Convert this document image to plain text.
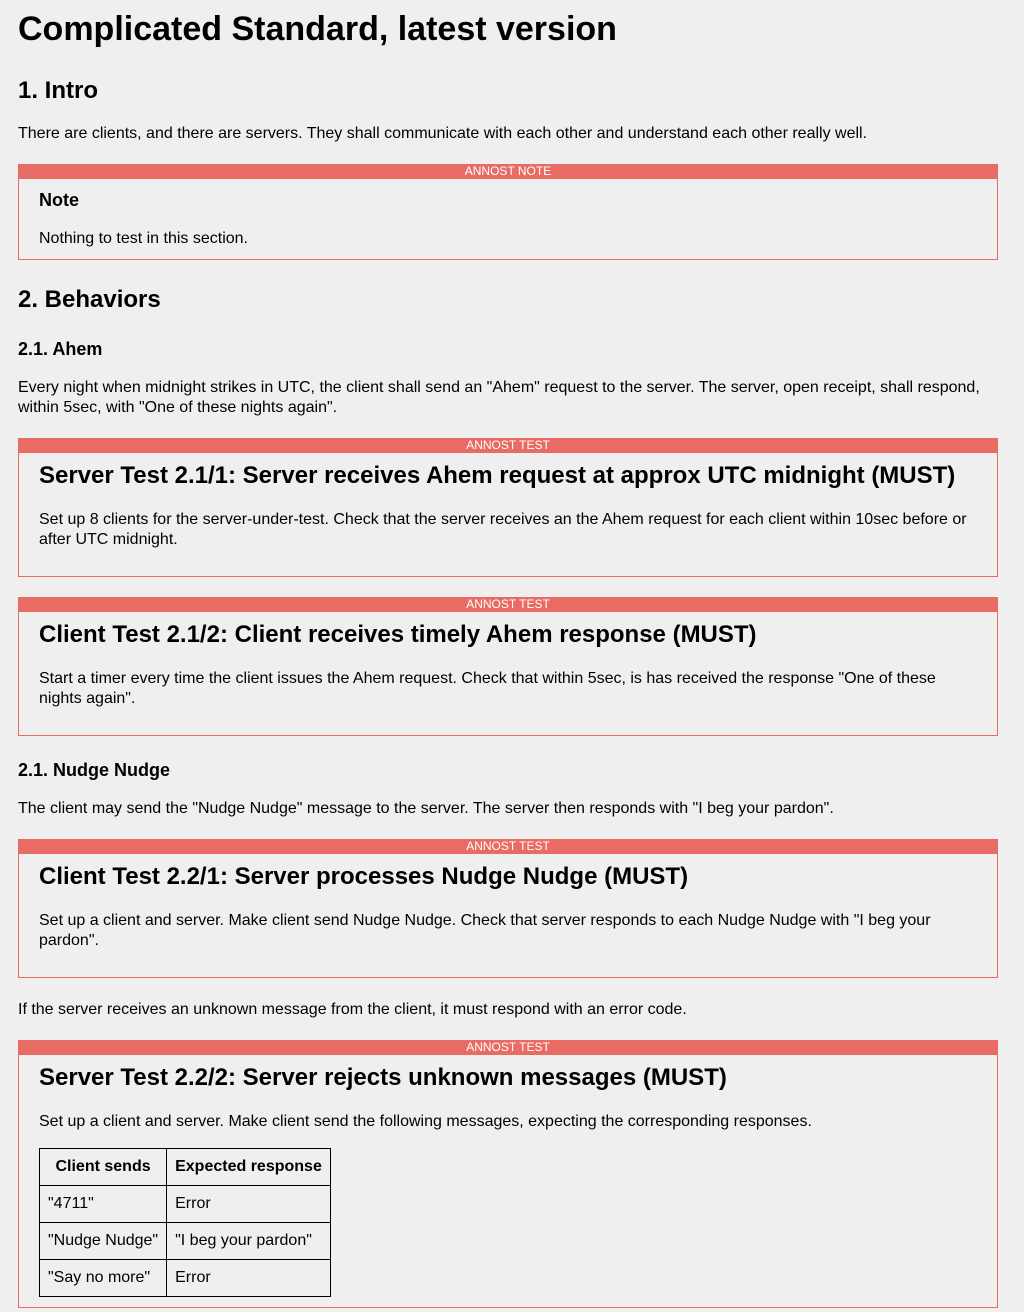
Complicated Standard, latest version
1. Intro

There are clients, and there are servers. They shall communicate with each other and understand each other really well.

ANNOST NOTE
Note

Nothing to test in this section.

2. Behaviors
2.1. Ahem

Every night when midnight strikes in UTC, the client shall send an "Ahem" request to the server. The server, open receipt, shall respond, within 5sec, with "One of these nights again".

ANNOST TEST
Server Test 2.1/1: Server receives Ahem request at approx UTC midnight (MUST)

Set up 8 clients for the server-under-test. Check that the server receives an the Ahem request for each client within 10sec before or after UTC midnight.

ANNOST TEST
Client Test 2.1/2: Client receives timely Ahem response (MUST)

Start a timer every time the client issues the Ahem request. Check that within 5sec, is has received the response "One of these nights again".

2.1. Nudge Nudge

The client may send the "Nudge Nudge" message to the server. The server then responds with "I beg your pardon".

ANNOST TEST
Client Test 2.2/1: Server processes Nudge Nudge (MUST)

Set up a client and server. Make client send Nudge Nudge. Check that server responds to each Nudge Nudge with "I beg your pardon".

If the server receives an unknown message from the client, it must respond with an error code.

ANNOST TEST
Server Test 2.2/2: Server rejects unknown messages (MUST)

Set up a client and server. Make client send the following messages, expecting the corresponding responses.

Client sends	Expected response
"4711"	Error
"Nudge Nudge"	"I beg your pardon"
"Say no more"	Error
